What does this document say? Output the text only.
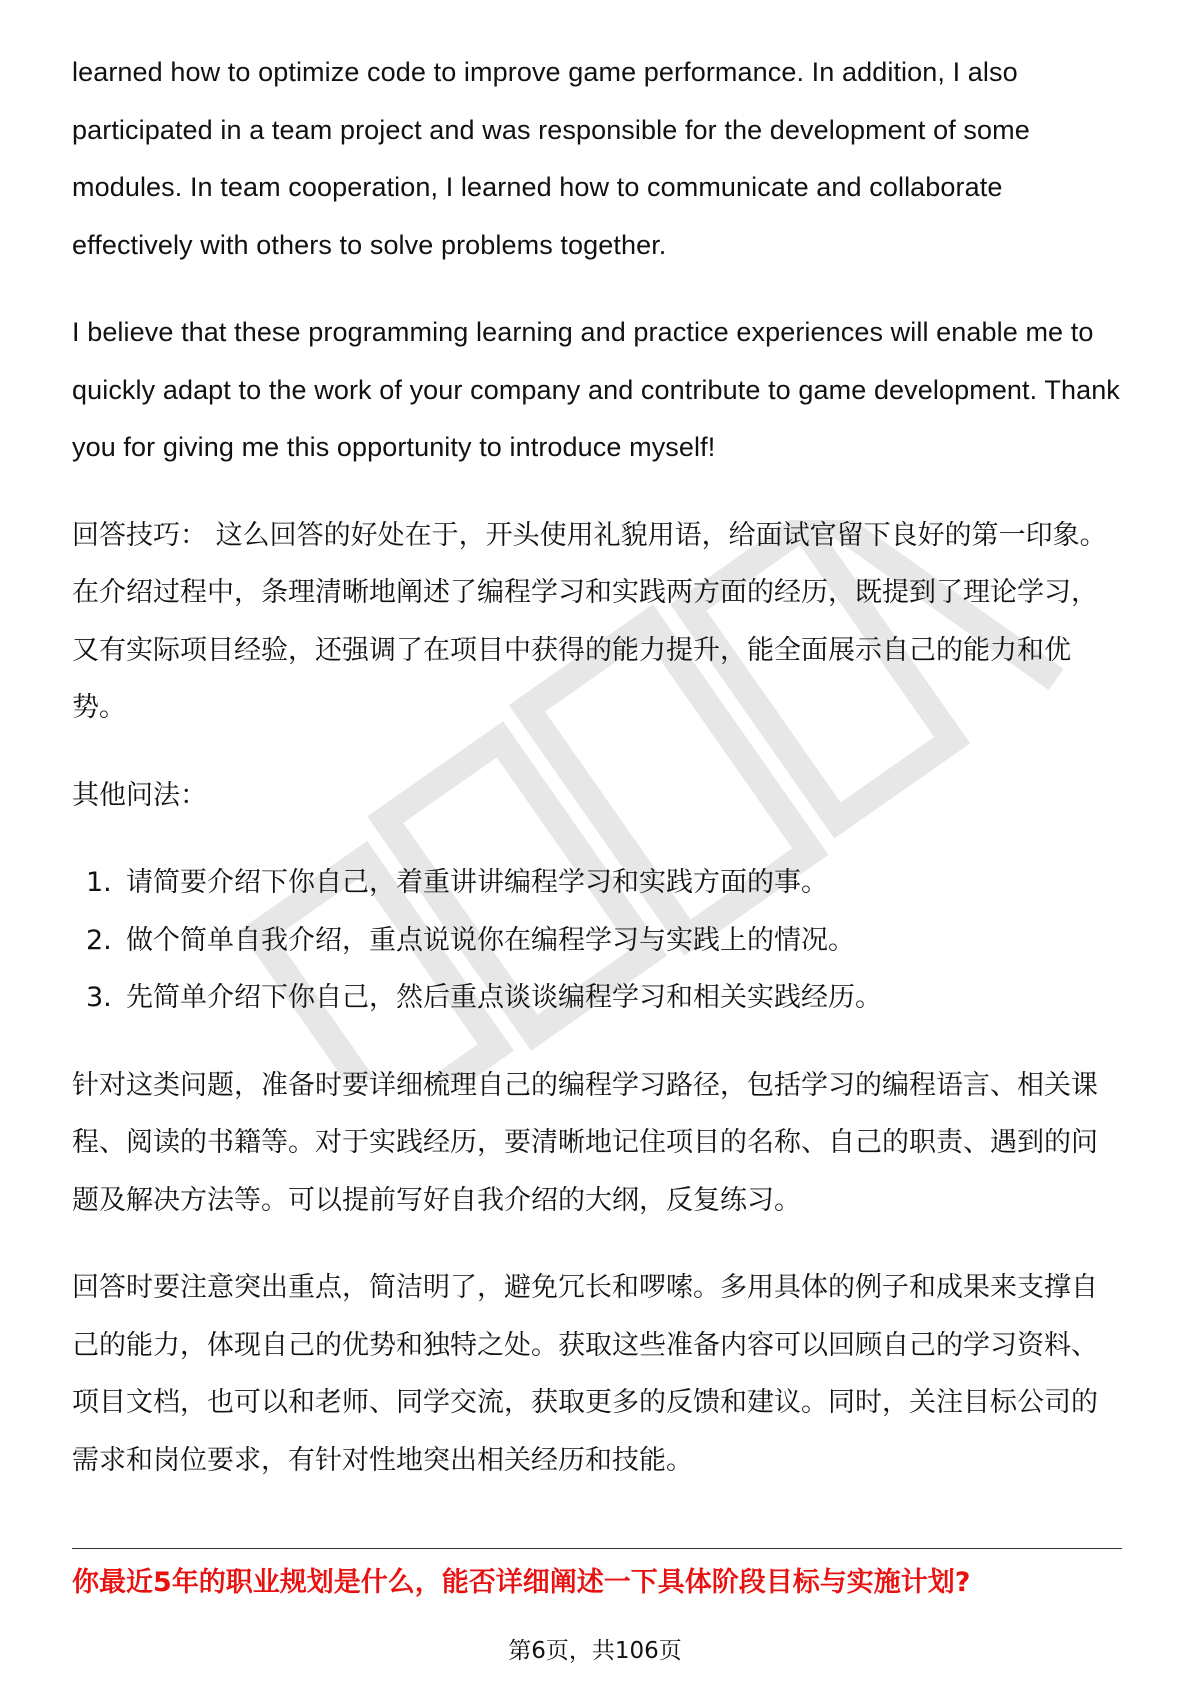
learned how to optimize code to improve game performance. In addition, I also participated in a team project and was responsible for the development of some modules. In team cooperation, I learned how to communicate and collaborate effectively with others to solve problems together.

I believe that these programming learning and practice experiences will enable me to quickly adapt to the work of your company and contribute to game development. Thank you for giving me this opportunity to introduce myself!

回答技巧： 这么回答的好处在于，开头使用礼貌用语，给面试官留下良好的第一印象。在介绍过程中，条理清晰地阐述了编程学习和实践两方面的经历，既提到了理论学习，又有实际项目经验，还强调了在项目中获得的能力提升，能全面展示自己的能力和优势。

其他问法：

1. 请简要介绍下你自己，着重讲讲编程学习和实践方面的事。
2. 做个简单自我介绍，重点说说你在编程学习与实践上的情况。
3. 先简单介绍下你自己，然后重点谈谈编程学习和相关实践经历。

针对这类问题，准备时要详细梳理自己的编程学习路径，包括学习的编程语言、相关课程、阅读的书籍等。对于实践经历，要清晰地记住项目的名称、自己的职责、遇到的问题及解决方法等。可以提前写好自我介绍的大纲，反复练习。

回答时要注意突出重点，简洁明了，避免冗长和啰嗦。多用具体的例子和成果来支撑自己的能力，体现自己的优势和独特之处。获取这些准备内容可以回顾自己的学习资料、项目文档，也可以和老师、同学交流，获取更多的反馈和建议。同时，关注目标公司的需求和岗位要求，有针对性地突出相关经历和技能。

你最近5年的职业规划是什么，能否详细阐述一下具体阶段目标与实施计划?
第6页，共106页
